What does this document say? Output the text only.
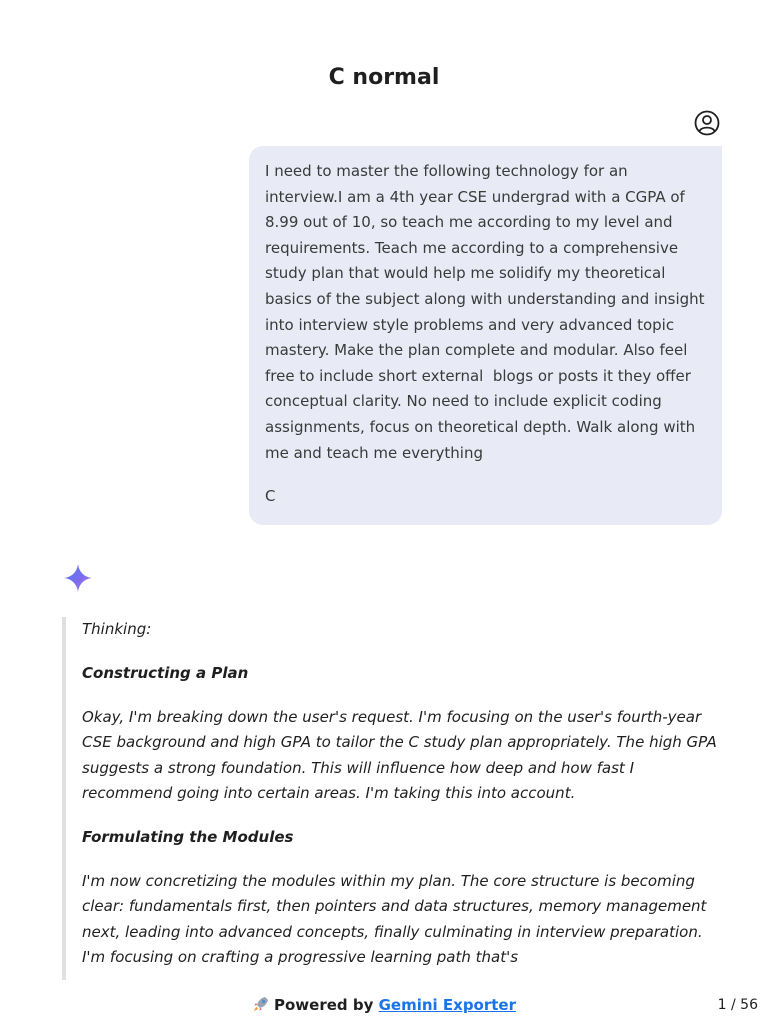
C normal

I need to master the following technology for an interview.I am a 4th year CSE undergrad with a CGPA of 8.99 out of 10, so teach me according to my level and requirements. Teach me according to a comprehensive study plan that would help me solidify my theoretical basics of the subject along with understanding and insight into interview style problems and very advanced topic mastery. Make the plan complete and modular. Also feel free to include short external  blogs or posts it they offer conceptual clarity. No need to include explicit coding assignments, focus on theoretical depth. Walk along with me and teach me everything

C

Thinking:

Constructing a Plan

Okay, I'm breaking down the user's request. I'm focusing on the user's fourth-year CSE background and high GPA to tailor the C study plan appropriately. The high GPA suggests a strong foundation. This will influence how deep and how fast I recommend going into certain areas. I'm taking this into account.

Formulating the Modules

I'm now concretizing the modules within my plan. The core structure is becoming clear: fundamentals first, then pointers and data structures, memory management next, leading into advanced concepts, finally culminating in interview preparation. I'm focusing on crafting a progressive learning path that's

Powered by Gemini Exporter	1 / 56
